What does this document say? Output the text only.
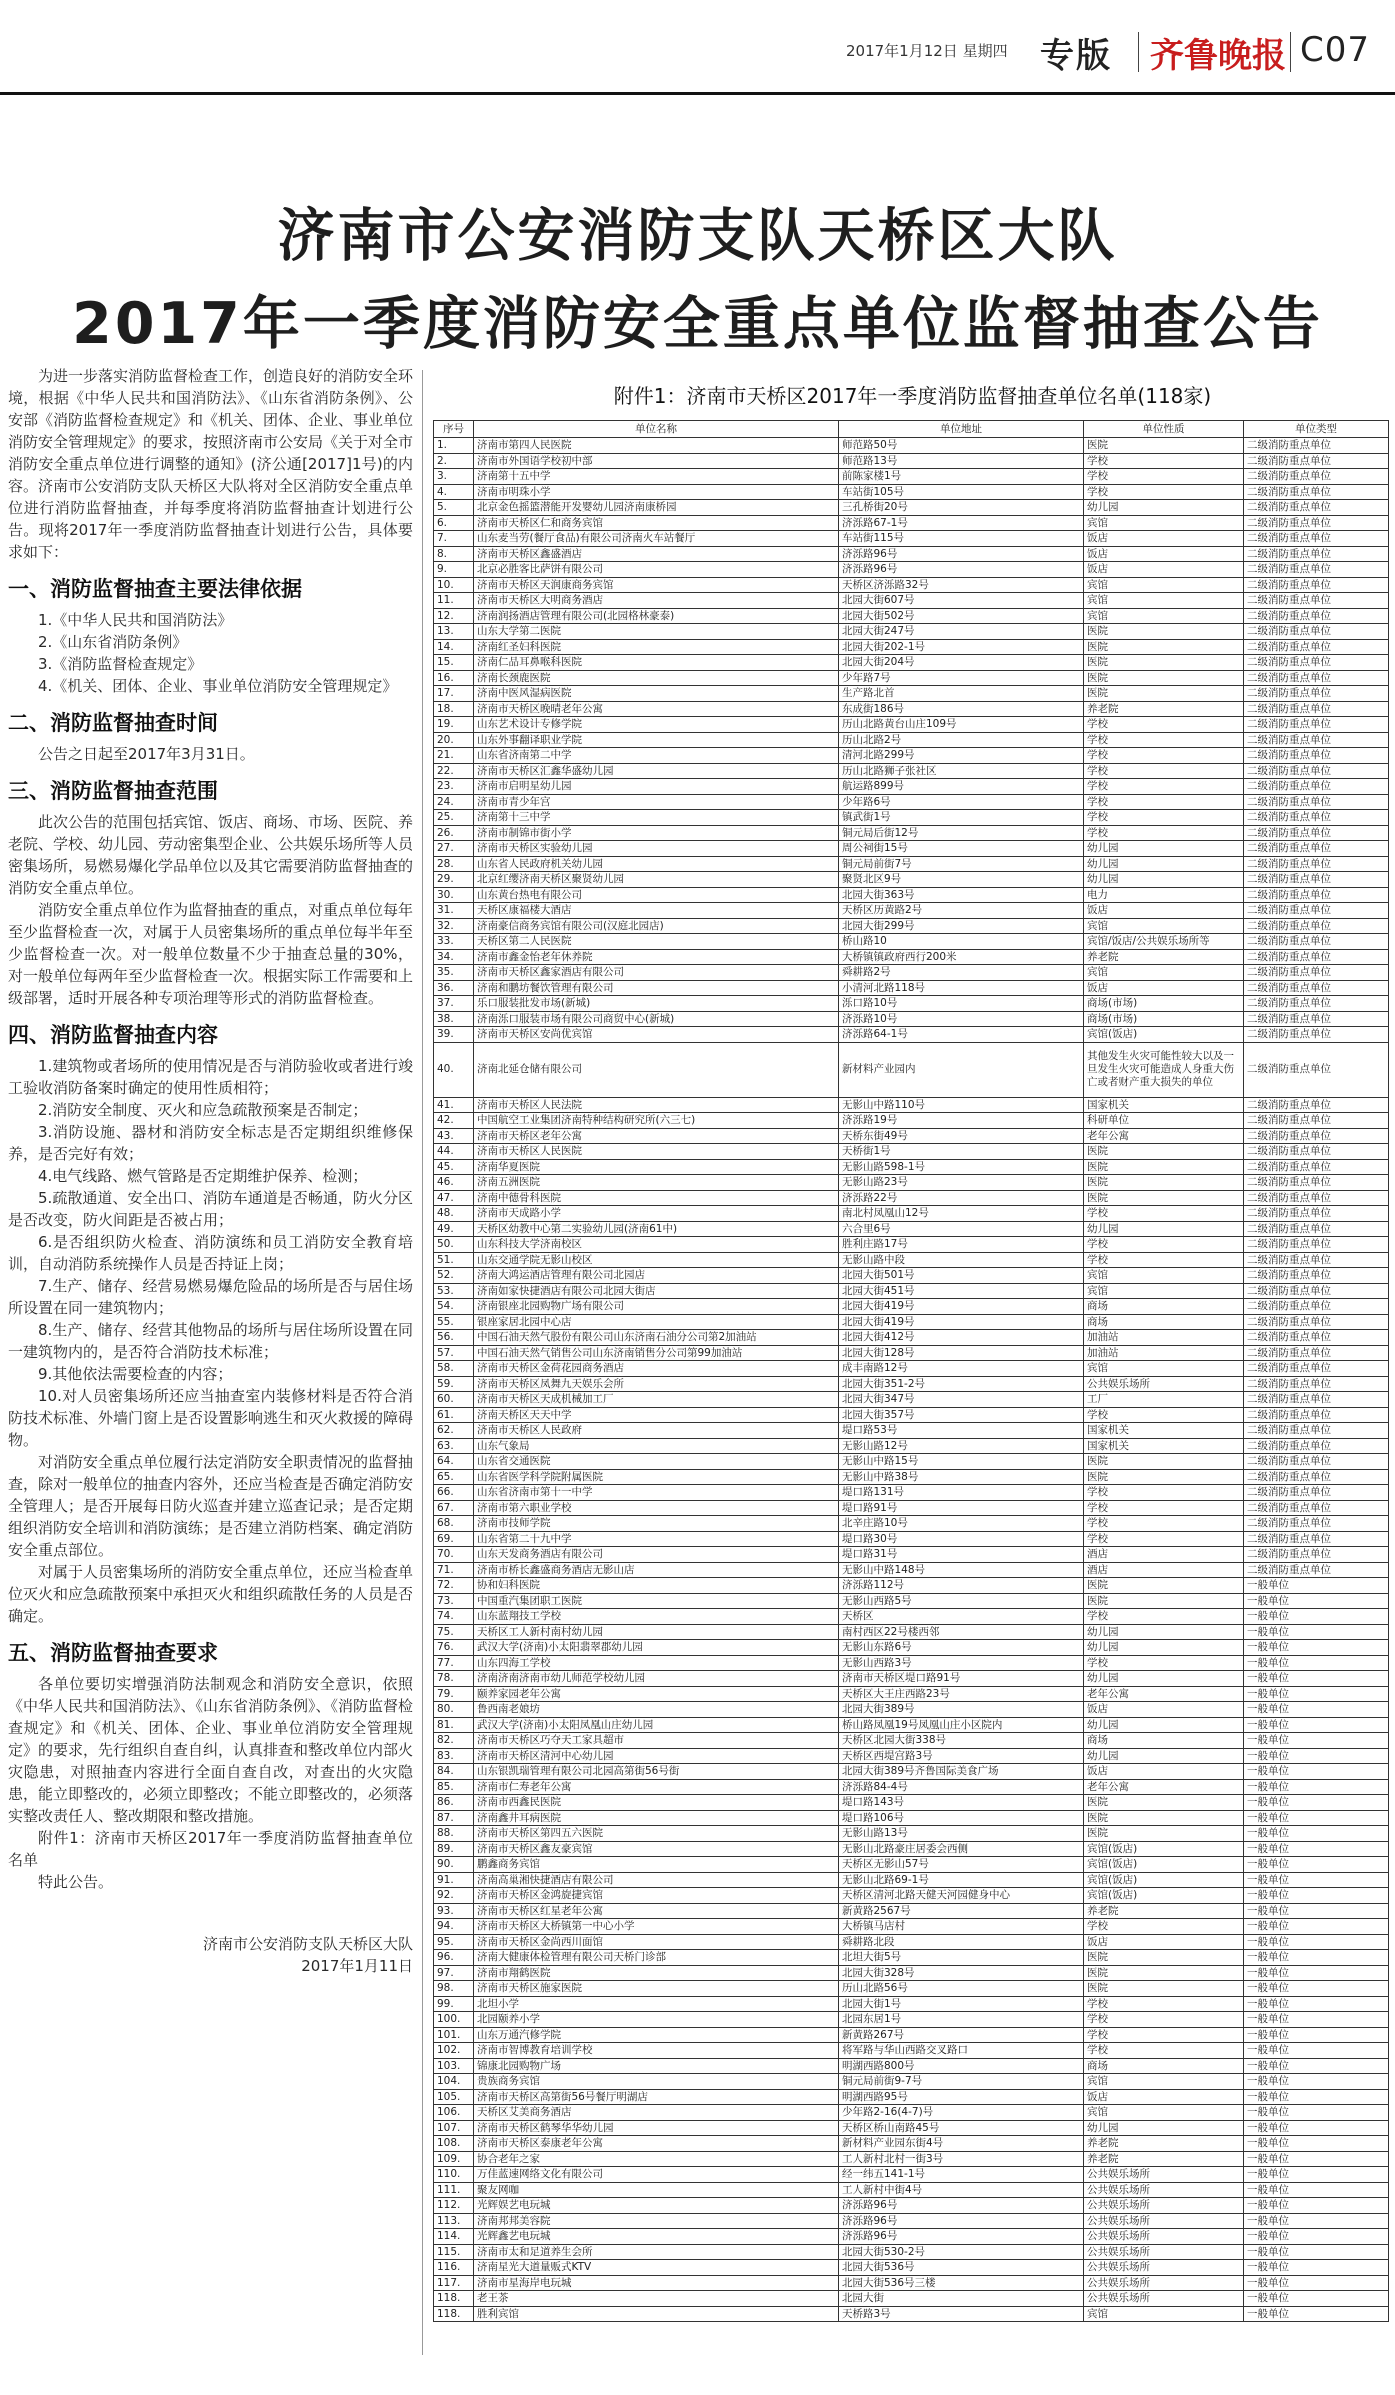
2017年1月12日 星期四 专版 齐鲁晚报 C07
济南市公安消防支队天桥区大队
2017年一季度消防安全重点单位监督抽查公告

为进一步落实消防监督检查工作，创造良好的消防安全环境，根据《中华人民共和国消防法》、《山东省消防条例》、公安部《消防监督检查规定》和《机关、团体、企业、事业单位消防安全管理规定》的要求，按照济南市公安局《关于对全市消防安全重点单位进行调整的通知》(济公通[2017]1号)的内容。济南市公安消防支队天桥区大队将对全区消防安全重点单位进行消防监督抽查，并每季度将消防监督抽查计划进行公告。现将2017年一季度消防监督抽查计划进行公告，具体要求如下：

一、消防监督抽查主要法律依据

1.《中华人民共和国消防法》

2.《山东省消防条例》

3.《消防监督检查规定》

4.《机关、团体、企业、事业单位消防安全管理规定》

二、消防监督抽查时间

公告之日起至2017年3月31日。

三、消防监督抽查范围

此次公告的范围包括宾馆、饭店、商场、市场、医院、养老院、学校、幼儿园、劳动密集型企业、公共娱乐场所等人员密集场所，易燃易爆化学品单位以及其它需要消防监督抽查的消防安全重点单位。

消防安全重点单位作为监督抽查的重点，对重点单位每年至少监督检查一次，对属于人员密集场所的重点单位每半年至少监督检查一次。对一般单位数量不少于抽查总量的30%，对一般单位每两年至少监督检查一次。根据实际工作需要和上级部署，适时开展各种专项治理等形式的消防监督检查。

四、消防监督抽查内容

1.建筑物或者场所的使用情况是否与消防验收或者进行竣工验收消防备案时确定的使用性质相符；

2.消防安全制度、灭火和应急疏散预案是否制定；

3.消防设施、器材和消防安全标志是否定期组织维修保养，是否完好有效；

4.电气线路、燃气管路是否定期维护保养、检测；

5.疏散通道、安全出口、消防车通道是否畅通，防火分区是否改变，防火间距是否被占用；

6.是否组织防火检查、消防演练和员工消防安全教育培训，自动消防系统操作人员是否持证上岗；

7.生产、储存、经营易燃易爆危险品的场所是否与居住场所设置在同一建筑物内；

8.生产、储存、经营其他物品的场所与居住场所设置在同一建筑物内的，是否符合消防技术标准；

9.其他依法需要检查的内容；

10.对人员密集场所还应当抽查室内装修材料是否符合消防技术标准、外墙门窗上是否设置影响逃生和灭火救援的障碍物。

对消防安全重点单位履行法定消防安全职责情况的监督抽查，除对一般单位的抽查内容外，还应当检查是否确定消防安全管理人；是否开展每日防火巡查并建立巡查记录；是否定期组织消防安全培训和消防演练；是否建立消防档案、确定消防安全重点部位。

对属于人员密集场所的消防安全重点单位，还应当检查单位灭火和应急疏散预案中承担灭火和组织疏散任务的人员是否确定。

五、消防监督抽查要求

各单位要切实增强消防法制观念和消防安全意识，依照《中华人民共和国消防法》、《山东省消防条例》、《消防监督检查规定》和《机关、团体、企业、事业单位消防安全管理规定》的要求，先行组织自查自纠，认真排查和整改单位内部火灾隐患，对照抽查内容进行全面自查自改，对查出的火灾隐患，能立即整改的，必须立即整改；不能立即整改的，必须落实整改责任人、整改期限和整改措施。

附件1：济南市天桥区2017年一季度消防监督抽查单位名单

特此公告。

济南市公安消防支队天桥区大队

2017年1月11日

附件1：济南市天桥区2017年一季度消防监督抽查单位名单(118家)
序号	单位名称	单位地址	单位性质	单位类型
1.	济南市第四人民医院	师范路50号	医院	二级消防重点单位
2.	济南市外国语学校初中部	师范路13号	学校	二级消防重点单位
3.	济南第十五中学	前陈家楼1号	学校	二级消防重点单位
4.	济南市明珠小学	车站街105号	学校	二级消防重点单位
5.	北京金色摇篮潜能开发婴幼儿园济南康桥园	三孔桥街20号	幼儿园	二级消防重点单位
6.	济南市天桥区仁和商务宾馆	济泺路67-1号	宾馆	二级消防重点单位
7.	山东麦当劳(餐厅食品)有限公司济南火车站餐厅	车站街115号	饭店	二级消防重点单位
8.	济南市天桥区鑫盛酒店	济泺路96号	饭店	二级消防重点单位
9.	北京必胜客比萨饼有限公司	济泺路96号	饭店	二级消防重点单位
10.	济南市天桥区天润康商务宾馆	天桥区济泺路32号	宾馆	二级消防重点单位
11.	济南市天桥区大明商务酒店	北园大街607号	宾馆	二级消防重点单位
12.	济南润扬酒店管理有限公司(北园格林豪泰)	北园大街502号	宾馆	二级消防重点单位
13.	山东大学第二医院	北园大街247号	医院	二级消防重点单位
14.	济南红圣妇科医院	北园大街202-1号	医院	二级消防重点单位
15.	济南仁品耳鼻喉科医院	北园大街204号	医院	二级消防重点单位
16.	济南长颈鹿医院	少年路7号	医院	二级消防重点单位
17.	济南中医风湿病医院	生产路北首	医院	二级消防重点单位
18.	济南市天桥区晚晴老年公寓	东成街186号	养老院	二级消防重点单位
19.	山东艺术设计专修学院	历山北路黄台山庄109号	学校	二级消防重点单位
20.	山东外事翻译职业学院	历山北路2号	学校	二级消防重点单位
21.	山东省济南第二中学	清河北路299号	学校	二级消防重点单位
22.	济南市天桥区汇鑫华盛幼儿园	历山北路狮子张社区	学校	二级消防重点单位
23.	济南市启明星幼儿园	航运路899号	学校	二级消防重点单位
24.	济南市青少年宫	少年路6号	学校	二级消防重点单位
25.	济南第十三中学	镇武街1号	学校	二级消防重点单位
26.	济南市制锦市街小学	铜元局后街12号	学校	二级消防重点单位
27.	济南市天桥区实验幼儿园	周公祠街15号	幼儿园	二级消防重点单位
28.	山东省人民政府机关幼儿园	铜元局前街7号	幼儿园	二级消防重点单位
29.	北京红缨济南天桥区聚贤幼儿园	聚贤北区9号	幼儿园	二级消防重点单位
30.	山东黄台热电有限公司	北园大街363号	电力	二级消防重点单位
31.	天桥区康福楼大酒店	天桥区历黄路2号	饭店	二级消防重点单位
32.	济南豪信商务宾馆有限公司(汉庭北园店)	北园大街299号	宾馆	二级消防重点单位
33.	天桥区第二人民医院	桥山路10	宾馆/饭店/公共娱乐场所等	二级消防重点单位
34.	济南市鑫金怡老年休养院	大桥镇镇政府西行200米	养老院	二级消防重点单位
35.	济南市天桥区鑫家酒店有限公司	舜耕路2号	宾馆	二级消防重点单位
36.	济南和鹏坊餐饮管理有限公司	小清河北路118号	饭店	二级消防重点单位
37.	乐口服装批发市场(新城)	泺口路10号	商场(市场)	二级消防重点单位
38.	济南泺口服装市场有限公司商贸中心(新城)	济泺路10号	商场(市场)	二级消防重点单位
39.	济南市天桥区安尚优宾馆	济泺路64-1号	宾馆(饭店)	二级消防重点单位
40.	济南北延仓储有限公司	新材料产业园内	其他发生火灾可能性较大以及一旦发生火灾可能造成人身重大伤亡或者财产重大损失的单位	二级消防重点单位
41.	济南市天桥区人民法院	无影山中路110号	国家机关	二级消防重点单位
42.	中国航空工业集团济南特种结构研究所(六三七)	济泺路19号	科研单位	二级消防重点单位
43.	济南市天桥区老年公寓	天桥东街49号	老年公寓	二级消防重点单位
44.	济南市天桥区人民医院	天桥街1号	医院	二级消防重点单位
45.	济南华夏医院	无影山路598-1号	医院	二级消防重点单位
46.	济南五洲医院	无影山路23号	医院	二级消防重点单位
47.	济南中德骨科医院	济泺路22号	医院	二级消防重点单位
48.	济南市天成路小学	南北村凤凰山12号	学校	二级消防重点单位
49.	天桥区幼教中心第二实验幼儿园(济南61中)	六合里6号	幼儿园	二级消防重点单位
50.	山东科技大学济南校区	胜利庄路17号	学校	二级消防重点单位
51.	山东交通学院无影山校区	无影山路中段	学校	二级消防重点单位
52.	济南大鸿运酒店管理有限公司北园店	北园大街501号	宾馆	二级消防重点单位
53.	济南如家快捷酒店有限公司北园大街店	北园大街451号	宾馆	二级消防重点单位
54.	济南银座北园购物广场有限公司	北园大街419号	商场	二级消防重点单位
55.	银座家居北园中心店	北园大街419号	商场	二级消防重点单位
56.	中国石油天然气股份有限公司山东济南石油分公司第2加油站	北园大街412号	加油站	二级消防重点单位
57.	中国石油天然气销售公司山东济南销售分公司第99加油站	北园大街128号	加油站	二级消防重点单位
58.	济南市天桥区金荷花园商务酒店	成丰南路12号	宾馆	二级消防重点单位
59.	济南市天桥区凤舞九天娱乐会所	北园大街351-2号	公共娱乐场所	二级消防重点单位
60.	济南市天桥区天成机械加工厂	北园大街347号	工厂	二级消防重点单位
61.	济南天桥区天天中学	北园大街357号	学校	二级消防重点单位
62.	济南市天桥区人民政府	堤口路53号	国家机关	二级消防重点单位
63.	山东气象局	无影山路12号	国家机关	二级消防重点单位
64.	山东省交通医院	无影山中路15号	医院	二级消防重点单位
65.	山东省医学科学院附属医院	无影山中路38号	医院	二级消防重点单位
66.	山东省济南市第十一中学	堤口路131号	学校	二级消防重点单位
67.	济南市第六职业学校	堤口路91号	学校	二级消防重点单位
68.	济南市技师学院	北辛庄路10号	学校	二级消防重点单位
69.	山东省第二十九中学	堤口路30号	学校	二级消防重点单位
70.	山东天发商务酒店有限公司	堤口路31号	酒店	二级消防重点单位
71.	济南市桥长鑫盛商务酒店无影山店	无影山中路148号	酒店	二级消防重点单位
72.	协和妇科医院	济泺路112号	医院	一般单位
73.	中国重汽集团职工医院	无影山西路5号	医院	一般单位
74.	山东蓝翔技工学校	天桥区	学校	一般单位
75.	天桥区工人新村南村幼儿园	南村西区22号楼西邻	幼儿园	一般单位
76.	武汉大学(济南)小太阳翡翠郡幼儿园	无影山东路6号	幼儿园	一般单位
77.	山东四海工学校	无影山西路3号	学校	一般单位
78.	济南济南济南市幼儿师范学校幼儿园	济南市天桥区堤口路91号	幼儿园	一般单位
79.	颐养家园老年公寓	天桥区大王庄西路23号	老年公寓	一般单位
80.	鲁西南老娘坊	北园大街389号	饭店	一般单位
81.	武汉大学(济南)小太阳凤凰山庄幼儿园	桥山路凤凰19号凤凰山庄小区院内	幼儿园	一般单位
82.	济南市天桥区巧夺天工家具超市	天桥区北园大街338号	商场	一般单位
83.	济南市天桥区清河中心幼儿园	天桥区西堤宫路3号	幼儿园	一般单位
84.	山东银凯瑞管理有限公司北园高第街56号街	北园大街389号齐鲁国际美食广场	饭店	一般单位
85.	济南市仁寿老年公寓	济泺路84-4号	老年公寓	一般单位
86.	济南市西鑫民医院	堤口路143号	医院	一般单位
87.	济南鑫井耳病医院	堤口路106号	医院	一般单位
88.	济南市天桥区第四五六医院	无影山路13号	医院	一般单位
89.	济南市天桥区鑫友豪宾馆	无影山北路豪庄居委会西侧	宾馆(饭店)	一般单位
90.	鹏鑫商务宾馆	天桥区无影山57号	宾馆(饭店)	一般单位
91.	济南高巢湘快捷酒店有限公司	无影山北路69-1号	宾馆(饭店)	一般单位
92.	济南市天桥区金鸿旋捷宾馆	天桥区清河北路天健天河园健身中心	宾馆(饭店)	一般单位
93.	济南市天桥区红星老年公寓	新黄路2567号	养老院	一般单位
94.	济南市天桥区大桥镇第一中心小学	大桥镇马店村	学校	一般单位
95.	济南市天桥区金尚西川面馆	舜耕路北段	饭店	一般单位
96.	济南大健康体检管理有限公司天桥门诊部	北坦大街5号	医院	一般单位
97.	济南市翔鹤医院	北园大街328号	医院	一般单位
98.	济南市天桥区施家医院	历山北路56号	医院	一般单位
99.	北坦小学	北园大街1号	学校	一般单位
100.	北园颐养小学	北园东居1号	学校	一般单位
101.	山东万通汽修学院	新黄路267号	学校	一般单位
102.	济南市智博教育培训学校	将军路与华山西路交叉路口	学校	一般单位
103.	锦康北园购物广场	明湖西路800号	商场	一般单位
104.	贵族商务宾馆	铜元局前街9-7号	宾馆	一般单位
105.	济南市天桥区高第街56号餐厅明湖店	明湖西路95号	饭店	一般单位
106.	天桥区艾美商务酒店	少年路2-16(4-7)号	宾馆	一般单位
107.	济南市天桥区鹤琴华华幼儿园	天桥区桥山南路45号	幼儿园	一般单位
108.	济南市天桥区泰康老年公寓	新材料产业园东街4号	养老院	一般单位
109.	协合老年之家	工人新村北村一街3号	养老院	一般单位
110.	万佳蓝速网络文化有限公司	经一纬五141-1号	公共娱乐场所	一般单位
111.	聚友网咖	工人新村中街4号	公共娱乐场所	一般单位
112.	光辉娱艺电玩城	济泺路96号	公共娱乐场所	一般单位
113.	济南邦邦美容院	济泺路96号	公共娱乐场所	一般单位
114.	光辉鑫艺电玩城	济泺路96号	公共娱乐场所	一般单位
115.	济南市太和足道养生会所	北园大街530-2号	公共娱乐场所	一般单位
116.	济南星光大道量贩式KTV	北园大街536号	公共娱乐场所	一般单位
117.	济南市星海岸电玩城	北园大街536号三楼	公共娱乐场所	一般单位
118.	老王茶	北园大街	公共娱乐场所	一般单位
118.	胜利宾馆	天桥路3号	宾馆	一般单位
